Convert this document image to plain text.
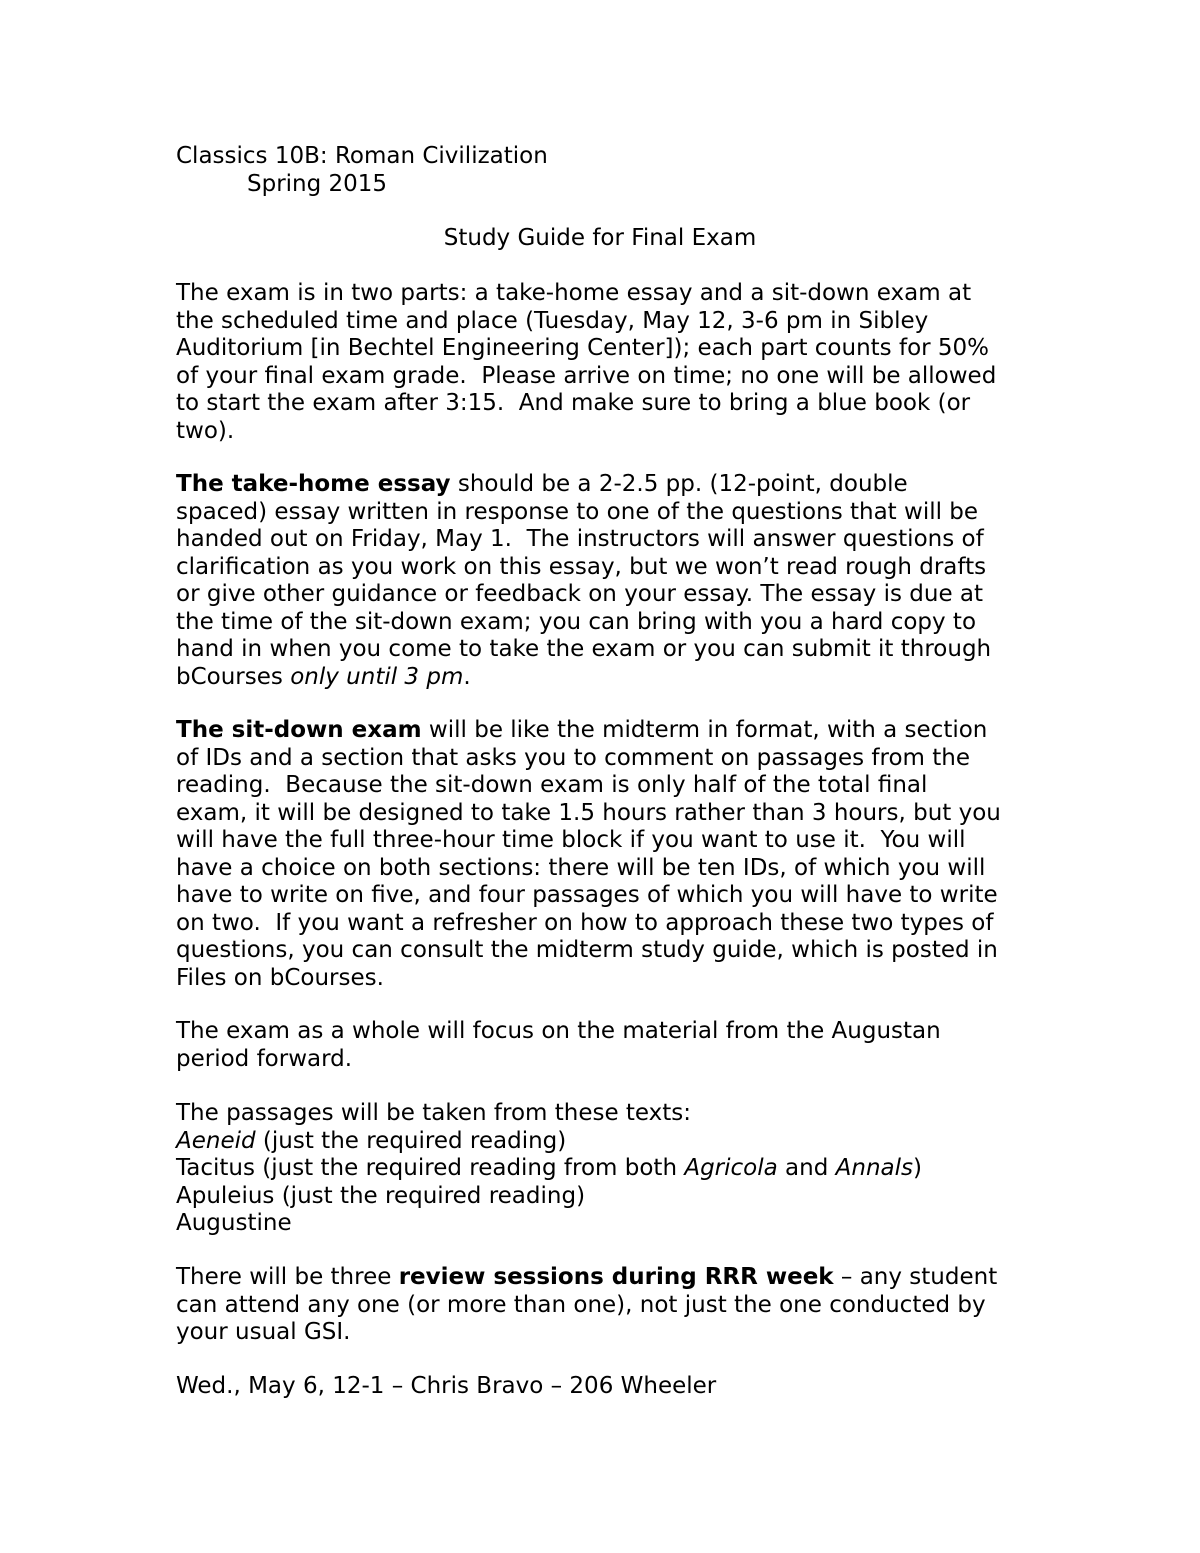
Classics 10B: Roman Civilization
Spring 2015
Study Guide for Final Exam
The exam is in two parts: a take-home essay and a sit-down exam at
the scheduled time and place (Tuesday, May 12, 3-6 pm in Sibley
Auditorium [in Bechtel Engineering Center]); each part counts for 50%
of your final exam grade.  Please arrive on time; no one will be allowed
to start the exam after 3:15.  And make sure to bring a blue book (or
two).
The take-home essay should be a 2-2.5 pp. (12-point, double
spaced) essay written in response to one of the questions that will be
handed out on Friday, May 1.  The instructors will answer questions of
clarification as you work on this essay, but we won’t read rough drafts
or give other guidance or feedback on your essay. The essay is due at
the time of the sit-down exam; you can bring with you a hard copy to
hand in when you come to take the exam or you can submit it through
bCourses only until 3 pm.
The sit-down exam will be like the midterm in format, with a section
of IDs and a section that asks you to comment on passages from the
reading.  Because the sit-down exam is only half of the total final
exam, it will be designed to take 1.5 hours rather than 3 hours, but you
will have the full three-hour time block if you want to use it.  You will
have a choice on both sections: there will be ten IDs, of which you will
have to write on five, and four passages of which you will have to write
on two.  If you want a refresher on how to approach these two types of
questions, you can consult the midterm study guide, which is posted in
Files on bCourses.
The exam as a whole will focus on the material from the Augustan
period forward.
The passages will be taken from these texts:
Aeneid (just the required reading)
Tacitus (just the required reading from both Agricola and Annals)
Apuleius (just the required reading)
Augustine
There will be three review sessions during RRR week – any student
can attend any one (or more than one), not just the one conducted by
your usual GSI.
Wed., May 6, 12-1 – Chris Bravo – 206 Wheeler
